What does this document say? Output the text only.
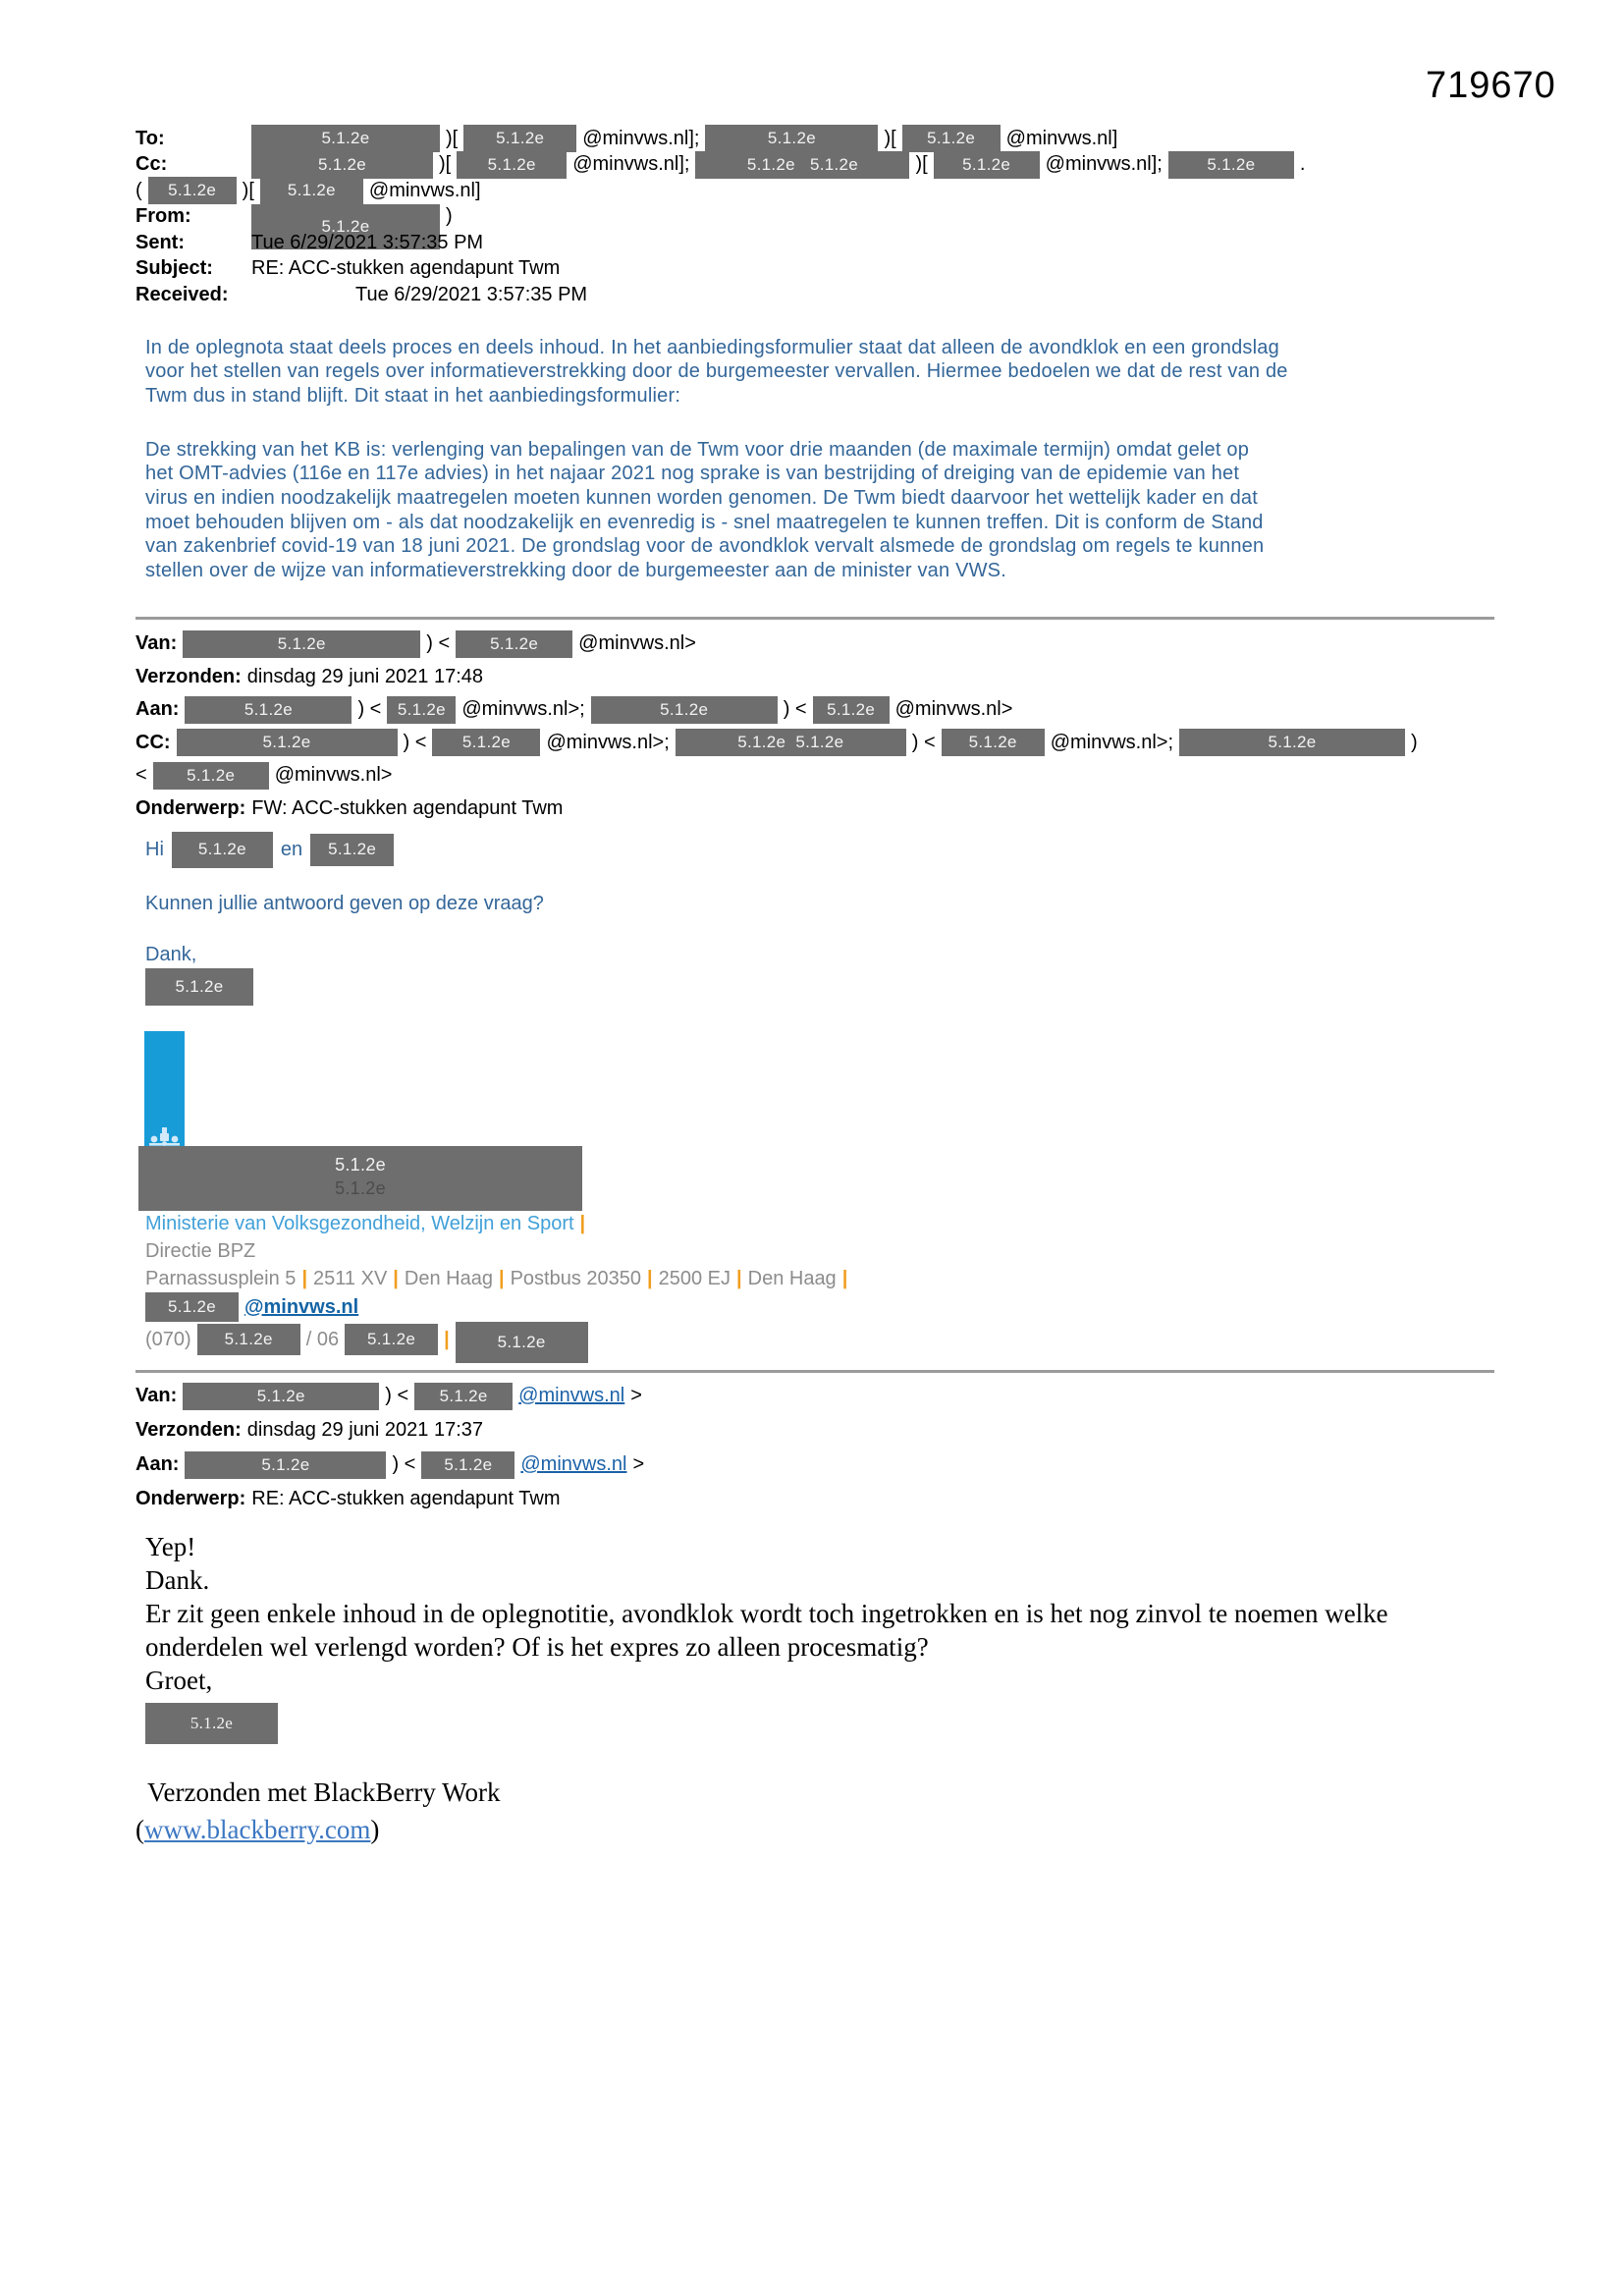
719670
To:	5.1.2e	)[	5.1.2e	@minvws.nl];	5.1.2e	)[	5.1.2e	@minvws.nl]
Cc:	5.1.2e	)[	5.1.2e	@minvws.nl];	5.1.2e   5.1.2e	)[	5.1.2e	@minvws.nl];	5.1.2e	.
(	5.1.2e	)[	5.1.2e	@minvws.nl]
From:	5.1.2e	)
Sent:	Tue 6/29/2021 3:57:35 PM
Subject:	RE: ACC-stukken agendapunt Twm
Received:	Tue 6/29/2021 3:57:35 PM
In de oplegnota staat deels proces en deels inhoud. In het aanbiedingsformulier staat dat alleen de avondklok en een grondslag
voor het stellen van regels over informatieverstrekking door de burgemeester vervallen. Hiermee bedoelen we dat de rest van de
Twm dus in stand blijft. Dit staat in het aanbiedingsformulier:
De strekking van het KB is: verlenging van bepalingen van de Twm voor drie maanden (de maximale termijn) omdat gelet op
het OMT-advies (116e en 117e advies) in het najaar 2021 nog sprake is van bestrijding of dreiging van de epidemie van het
virus en indien noodzakelijk maatregelen moeten kunnen worden genomen. De Twm biedt daarvoor het wettelijk kader en dat
moet behouden blijven om - als dat noodzakelijk en evenredig is - snel maatregelen te kunnen treffen. Dit is conform de Stand
van zakenbrief covid-19 van 18 juni 2021. De grondslag voor de avondklok vervalt alsmede de grondslag om regels te kunnen
stellen over de wijze van informatieverstrekking door de burgemeester aan de minister van VWS.
Van:	5.1.2e	) <	5.1.2e	@minvws.nl>
Verzonden: dinsdag 29 juni 2021 17:48
Aan:	5.1.2e	) < 5.1.2e @minvws.nl>;	5.1.2e	) <	5.1.2e	@minvws.nl>
CC:	5.1.2e	) <	5.1.2e	@minvws.nl>;	5.1.2e  5.1.2e	) <	5.1.2e	@minvws.nl>;	5.1.2e	)
<	5.1.2e	@minvws.nl>
Onderwerp: FW: ACC-stukken agendapunt Twm
Hi	5.1.2e	en	5.1.2e
Kunnen jullie antwoord geven op deze vraag?
Dank,
5.1.2e
5.1.2e
5.1.2e
Ministerie van Volksgezondheid, Welzijn en Sport |
Directie BPZ
Parnassusplein 5 | 2511 XV | Den Haag | Postbus 20350 | 2500 EJ | Den Haag |
5.1.2e	@minvws.nl
(070)	5.1.2e	/ 06	5.1.2e	|	5.1.2e
Van:	5.1.2e	) <	5.1.2e	@minvws.nl >
Verzonden: dinsdag 29 juni 2021 17:37
Aan:	5.1.2e	) <	5.1.2e	@minvws.nl >
Onderwerp: RE: ACC-stukken agendapunt Twm
Yep!
Dank.
Er zit geen enkele inhoud in de oplegnotitie, avondklok wordt toch ingetrokken en is het nog zinvol te noemen welke
onderdelen wel verlengd worden? Of is het expres zo alleen procesmatig?
Groet,
5.1.2e
Verzonden met BlackBerry Work
( www.blackberry.com )
